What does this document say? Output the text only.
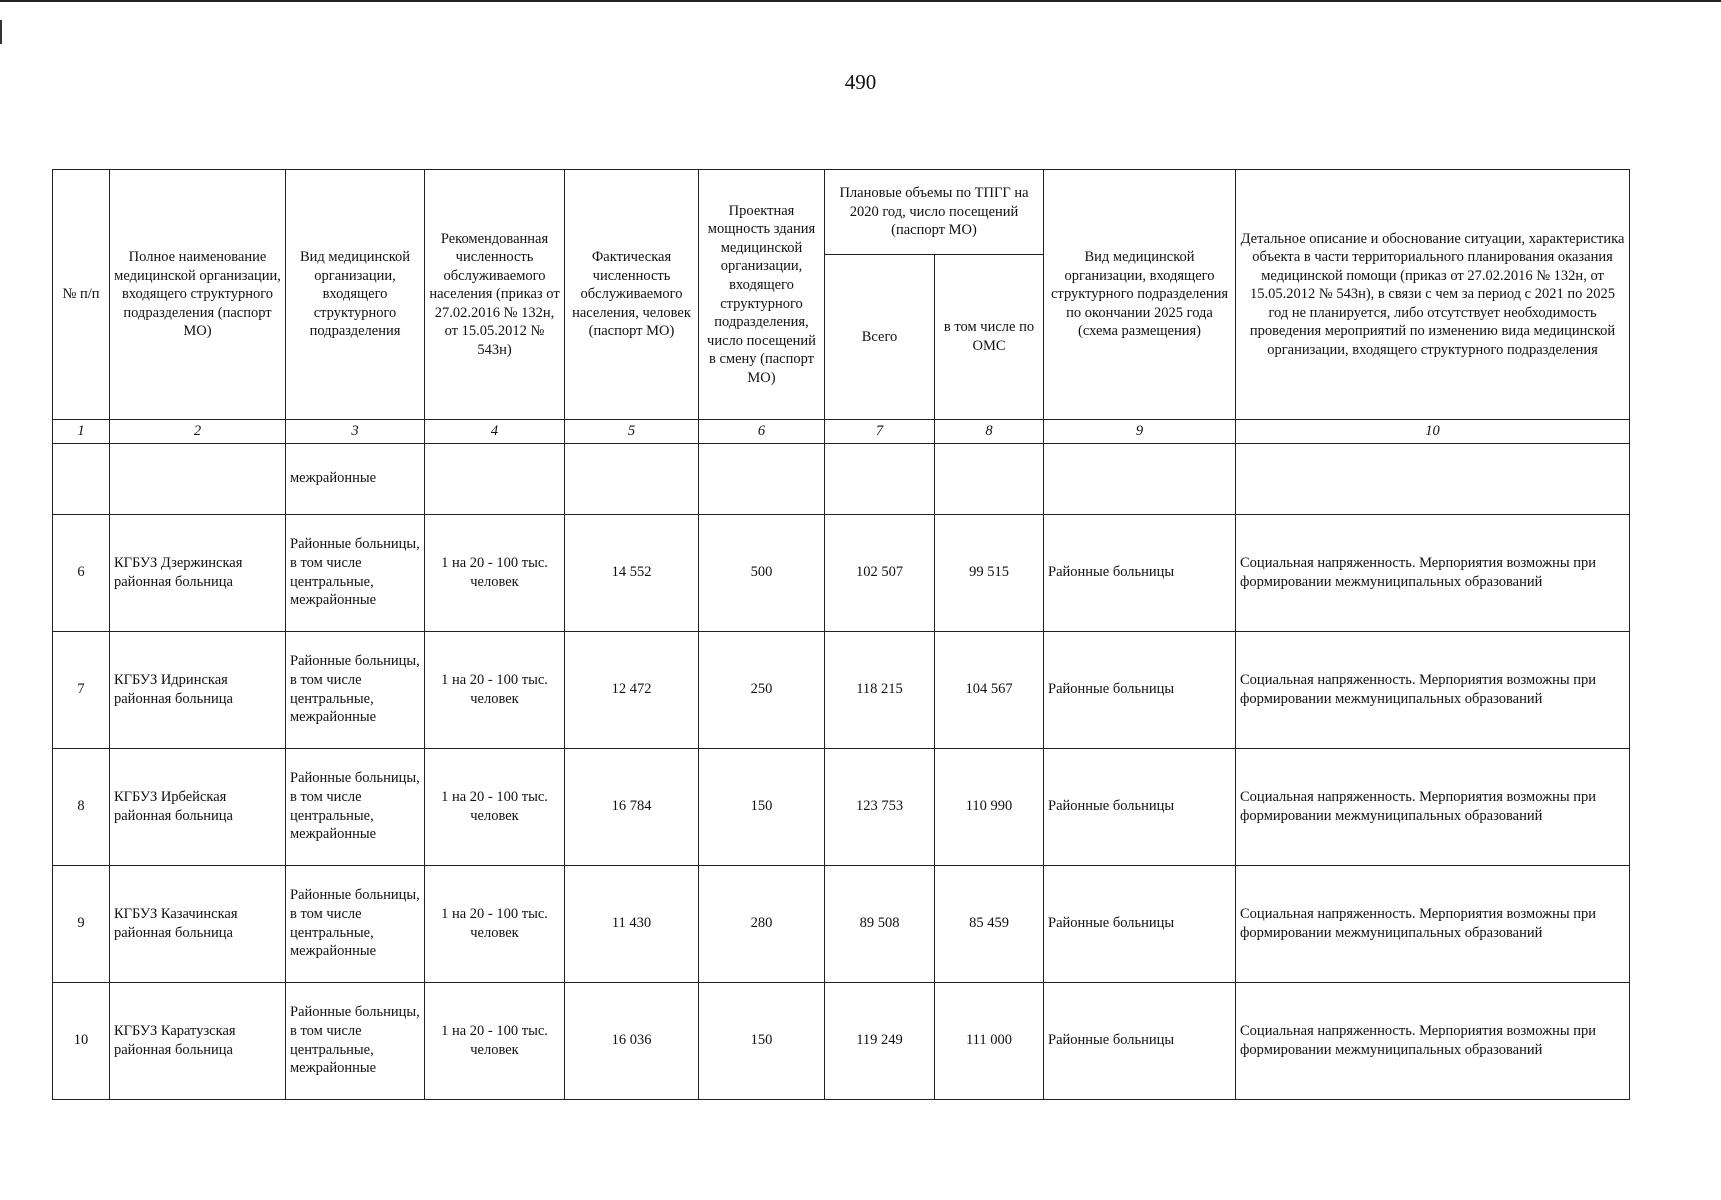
490
№ п/п	Полное наименование медицинской организации, входящего структурного подразделения (паспорт МО)	Вид медицинской организации, входящего структурного подразделения	Рекомендованная численность обслуживаемого населения (приказ от 27.02.2016 № 132н, от 15.05.2012 № 543н)	Фактическая численность обслуживаемого населения, человек (паспорт МО)	Проектная мощность здания медицинской организации, входящего структурного подразделения, число посещений в смену (паспорт МО)	Плановые объемы по ТПГГ на 2020 год, число посещений (паспорт МО)		Вид медицинской организации, входящего структурного подразделения по окончании 2025 года (схема размещения)	Детальное описание и обоснование ситуации, характеристика объекта в части территориального планирования оказания медицинской помощи (приказ от 27.02.2016 № 132н, от 15.05.2012 № 543н), в связи с чем за период с 2021 по 2025 год не планируется, либо отсутствует необходимость проведения мероприятий по изменению вида медицинской организации, входящего структурного подразделения
						Всего	в том числе по ОМС		
1	2	3	4	5	6	7	8	9	10
		межрайонные							
6	КГБУЗ Дзержинская районная больница	Районные больницы, в том числе центральные, межрайонные	1 на 20 - 100 тыс. человек	14 552	500	102 507	99 515	Районные больницы	Социальная напряженность. Мерпориятия возможны при формировании межмуниципальных образований
7	КГБУЗ Идринская районная больница	Районные больницы, в том числе центральные, межрайонные	1 на 20 - 100 тыс. человек	12 472	250	118 215	104 567	Районные больницы	Социальная напряженность. Мерпориятия возможны при формировании межмуниципальных образований
8	КГБУЗ Ирбейская районная больница	Районные больницы, в том числе центральные, межрайонные	1 на 20 - 100 тыс. человек	16 784	150	123 753	110 990	Районные больницы	Социальная напряженность. Мерпориятия возможны при формировании межмуниципальных образований
9	КГБУЗ Казачинская районная больница	Районные больницы, в том числе центральные, межрайонные	1 на 20 - 100 тыс. человек	11 430	280	89 508	85 459	Районные больницы	Социальная напряженность. Мерпориятия возможны при формировании межмуниципальных образований
10	КГБУЗ Каратузская районная больница	Районные больницы, в том числе центральные, межрайонные	1 на 20 - 100 тыс. человек	16 036	150	119 249	111 000	Районные больницы	Социальная напряженность. Мерпориятия возможны при формировании межмуниципальных образований
